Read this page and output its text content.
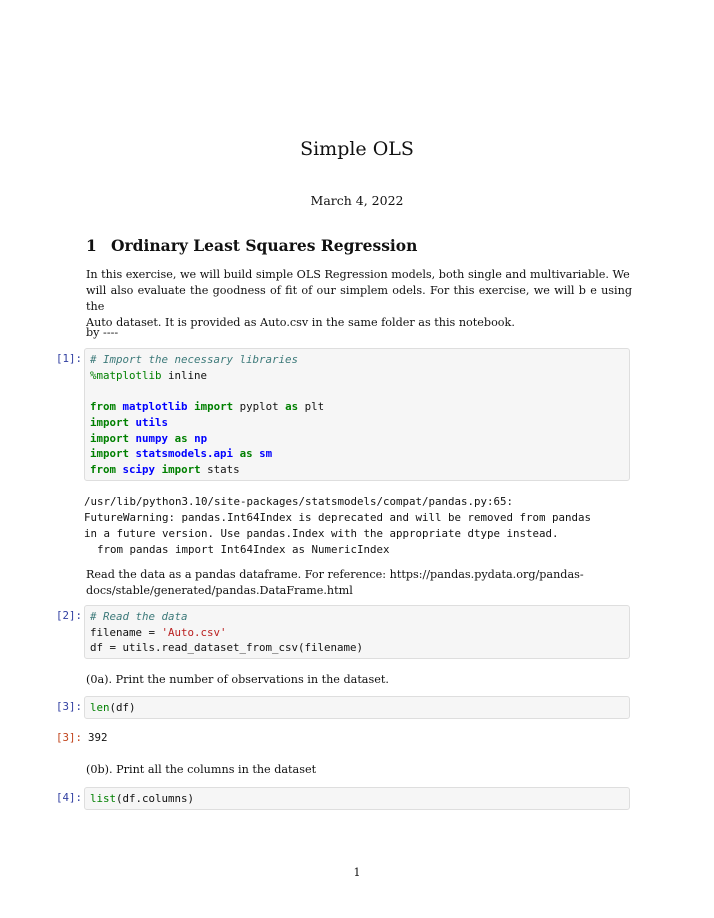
Simple OLS
March 4, 2022
1 Ordinary Least Squares Regression
In this exercise, we will build simple OLS Regression models, both single and multivariable. We
will also evaluate the goodness of fit of our simplem odels. For this exercise, we will b e using the
Auto dataset. It is provided as Auto.csv in the same folder as this notebook.
by ----
[1]: # Import the necessary libraries
%matplotlib inline
from matplotlib import pyplot as plt
import utils
import numpy as np
import statsmodels.api as sm
from scipy import stats
/usr/lib/python3.10/site-packages/statsmodels/compat/pandas.py:65:
FutureWarning: pandas.Int64Index is deprecated and will be removed from pandas
in a future version. Use pandas.Index with the appropriate dtype instead.
from pandas import Int64Index as NumericIndex
Read the data as a pandas dataframe. For reference: https://pandas.pydata.org/pandas-
docs/stable/generated/pandas.DataFrame.html
[2]: # Read the data
filename = 'Auto.csv'
df = utils.read_dataset_from_csv(filename)
(0a). Print the number of observations in the dataset.
[3]: len(df)
[3]: 392
(0b). Print all the columns in the dataset
[4]: list(df.columns)
1
